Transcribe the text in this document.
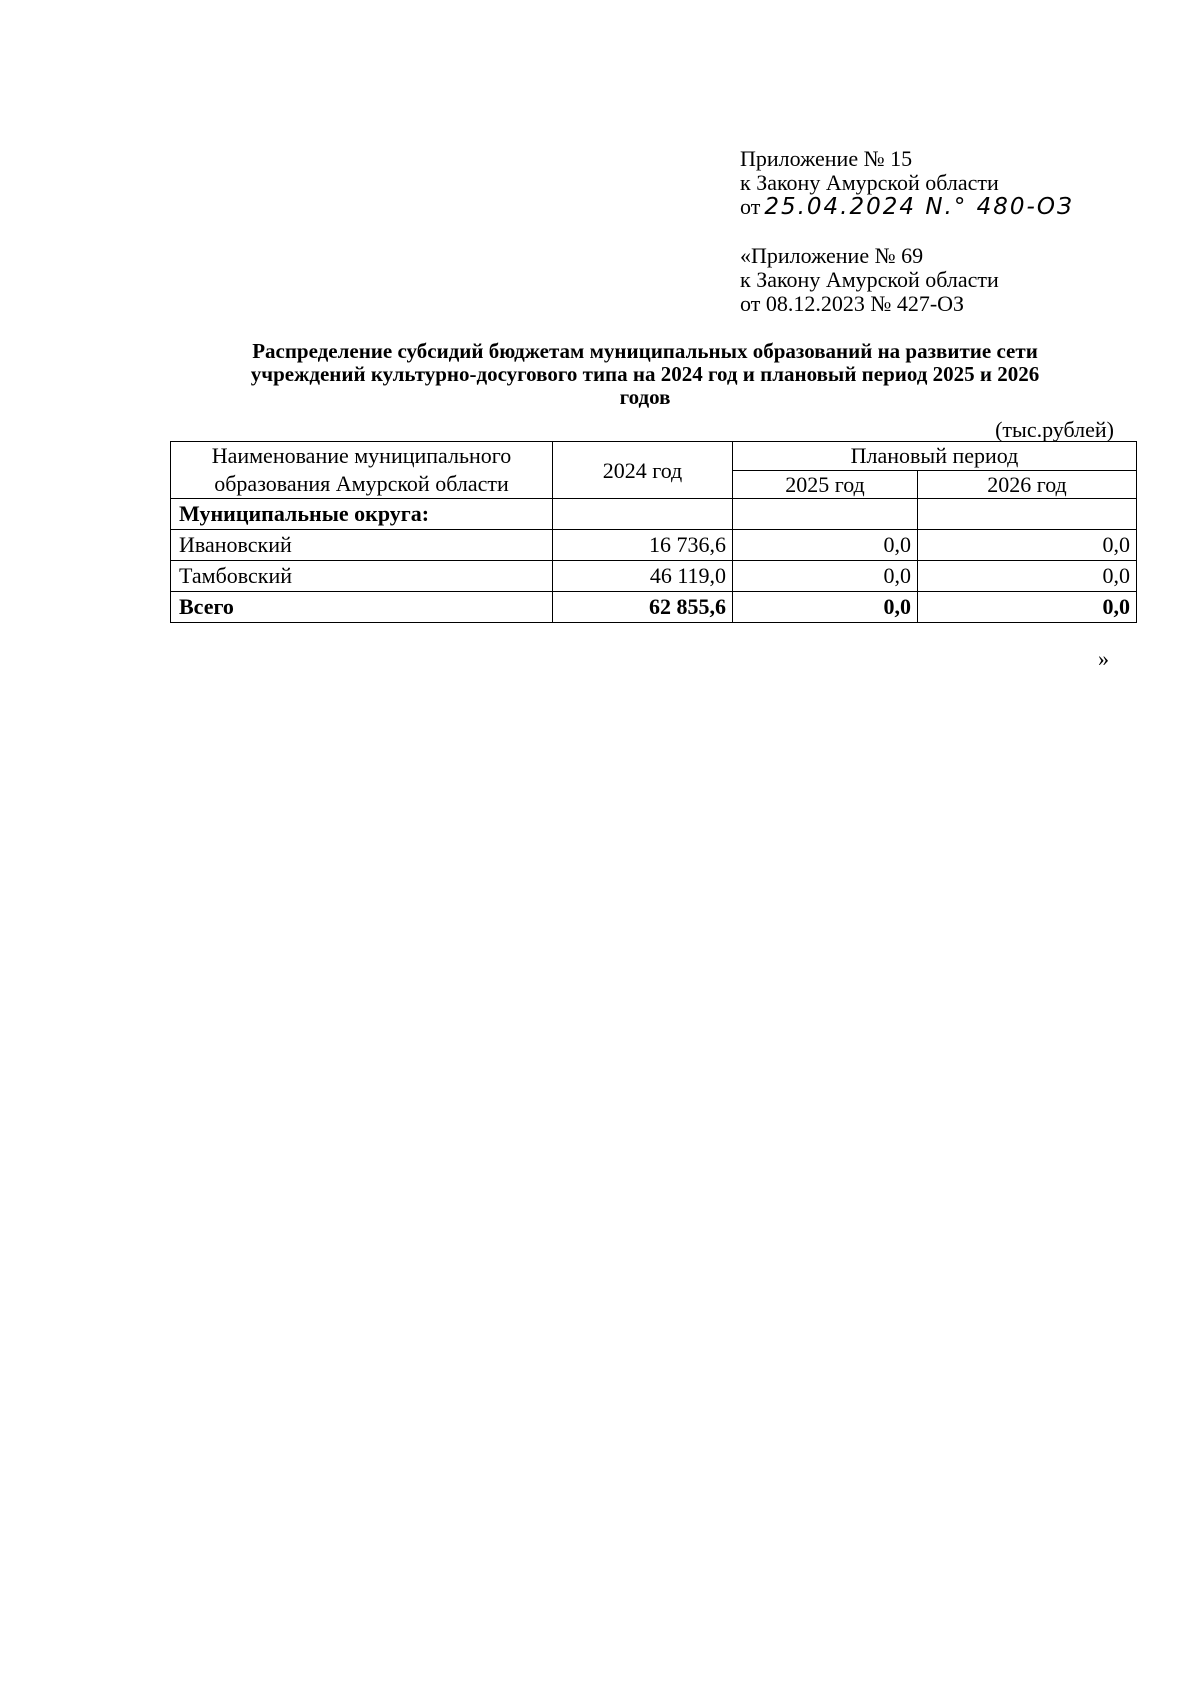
Приложение № 15
к Закону Амурской области
от 25.04.2024 N.° 480-ОЗ
«Приложение № 69
к Закону Амурской области
от 08.12.2023 № 427-ОЗ
Распределение субсидий бюджетам муниципальных образований на развитие сети
учреждений культурно-досугового типа на 2024 год и плановый период 2025 и 2026
годов
(тыс.рублей)
Наименование муниципального
образования Амурской области	2024 год	Плановый период	
		2025 год	2026 год
Муниципальные округа:			
Ивановский	16 736,6	0,0	0,0
Тамбовский	46 119,0	0,0	0,0
Всего	62 855,6	0,0	0,0
»
